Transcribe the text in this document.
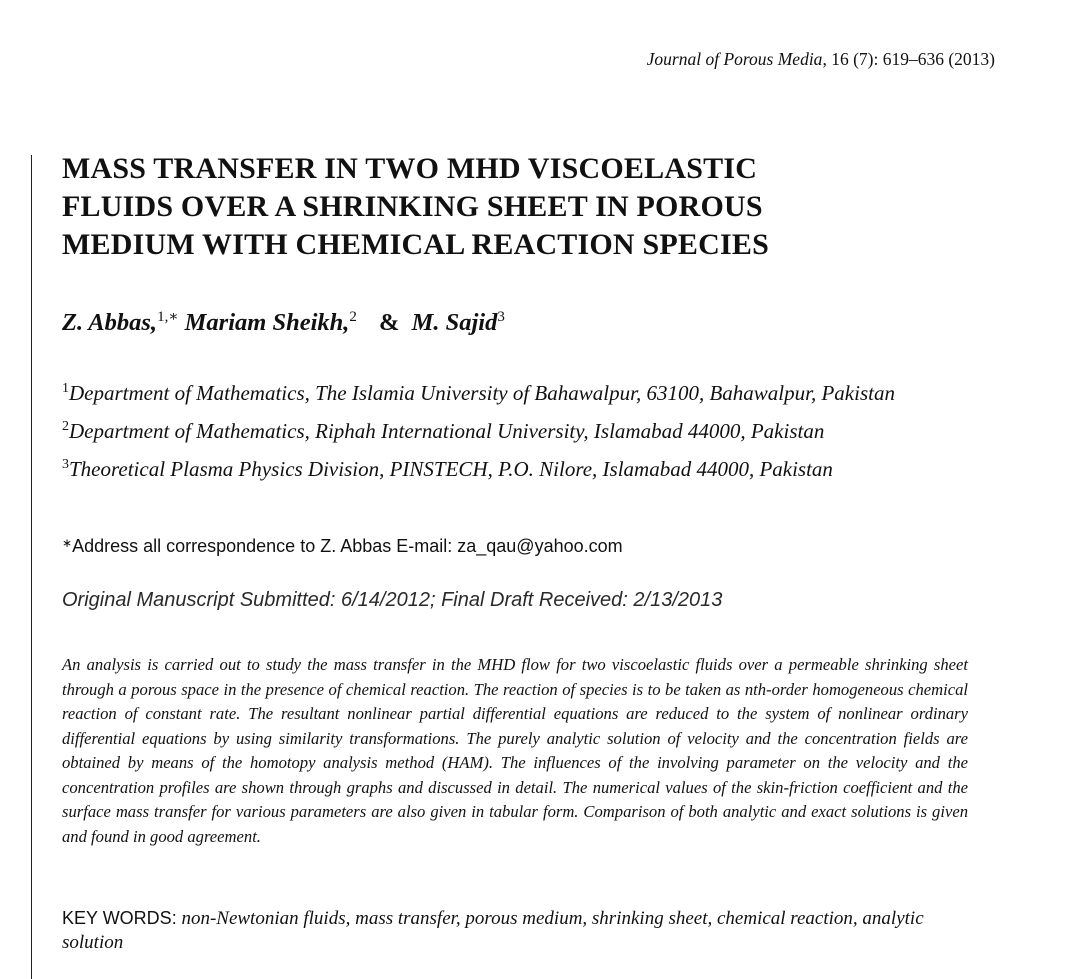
Journal of Porous Media, 16 (7): 619–636 (2013)
MASS TRANSFER IN TWO MHD VISCOELASTIC
FLUIDS OVER A SHRINKING SHEET IN POROUS
MEDIUM WITH CHEMICAL REACTION SPECIES
Z. Abbas,$^{1,∗}$ Mariam Sheikh,$^2$ & M. Sajid$^3$

$^1$Department of Mathematics, The Islamia University of Bahawalpur, 63100, Bahawalpur, Pakistan

$^2$Department of Mathematics, Riphah International University, Islamabad 44000, Pakistan

$^3$Theoretical Plasma Physics Division, PINSTECH, P.O. Nilore, Islamabad 44000, Pakistan

∗Address all correspondence to Z. Abbas E-mail: za_qau@yahoo.com
Original Manuscript Submitted: 6/14/2012; Final Draft Received: 2/13/2013

An analysis is carried out to study the mass transfer in the MHD flow for two viscoelastic fluids over a permeable shrinking sheet through a porous space in the presence of chemical reaction. The reaction of species is to be taken as nth-order homogeneous chemical reaction of constant rate. The resultant nonlinear partial differential equations are reduced to the system of nonlinear ordinary differential equations by using similarity transformations. The purely analytic solution of velocity and the concentration fields are obtained by means of the homotopy analysis method (HAM). The influences of the involving parameter on the velocity and the concentration profiles are shown through graphs and discussed in detail. The numerical values of the skin-friction coefficient and the surface mass transfer for various parameters are also given in tabular form. Comparison of both analytic and exact solutions is given and found in good agreement.

KEY WORDS: non-Newtonian fluids, mass transfer, porous medium, shrinking sheet, chemical reaction, analytic solution
